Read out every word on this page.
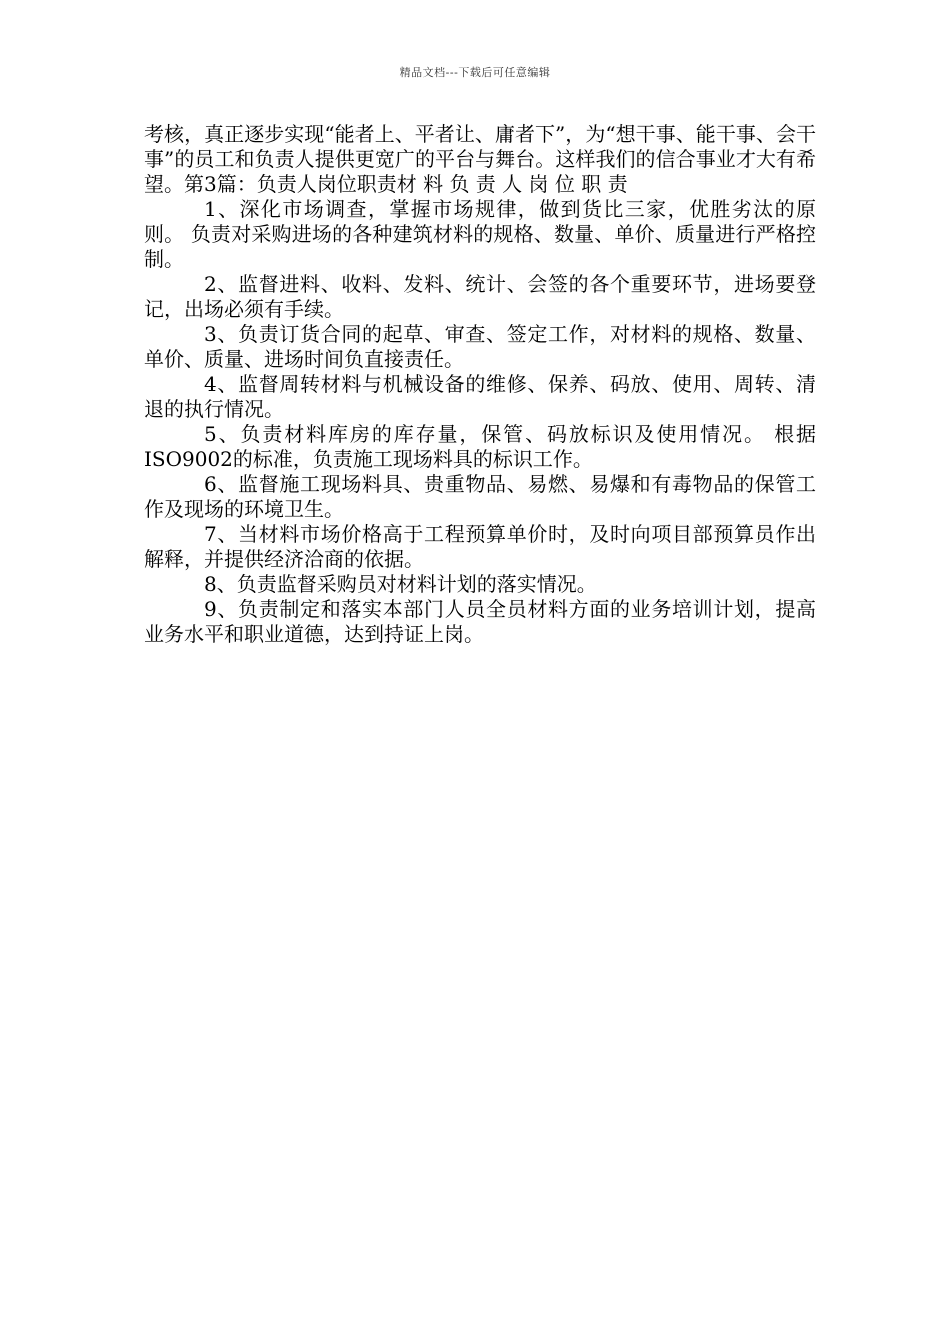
精品文档---下载后可任意编辑

考核，真正逐步实现“能者上、平者让、庸者下”，为“想干事、能干事、会干事”的员工和负责人提供更宽广的平台与舞台。这样我们的信合事业才大有希望。第3篇：负责人岗位职责材 料 负 责 人 岗 位 职 责

1、深化市场调查，掌握市场规律，做到货比三家，优胜劣汰的原则。 负责对采购进场的各种建筑材料的规格、数量、单价、质量进行严格控制。

2、监督进料、收料、发料、统计、会签的各个重要环节，进场要登记，出场必须有手续。

3、负责订货合同的起草、审查、签定工作，对材料的规格、数量、单价、质量、进场时间负直接责任。

4、监督周转材料与机械设备的维修、保养、码放、使用、周转、清退的执行情况。

5、负责材料库房的库存量，保管、码放标识及使用情况。 根据ISO9002的标准，负责施工现场料具的标识工作。

6、监督施工现场料具、贵重物品、易燃、易爆和有毒物品的保管工作及现场的环境卫生。

7、当材料市场价格高于工程预算单价时，及时向项目部预算员作出解释，并提供经济洽商的依据。

8、负责监督采购员对材料计划的落实情况。

9、负责制定和落实本部门人员全员材料方面的业务培训计划，提高业务水平和职业道德，达到持证上岗。
